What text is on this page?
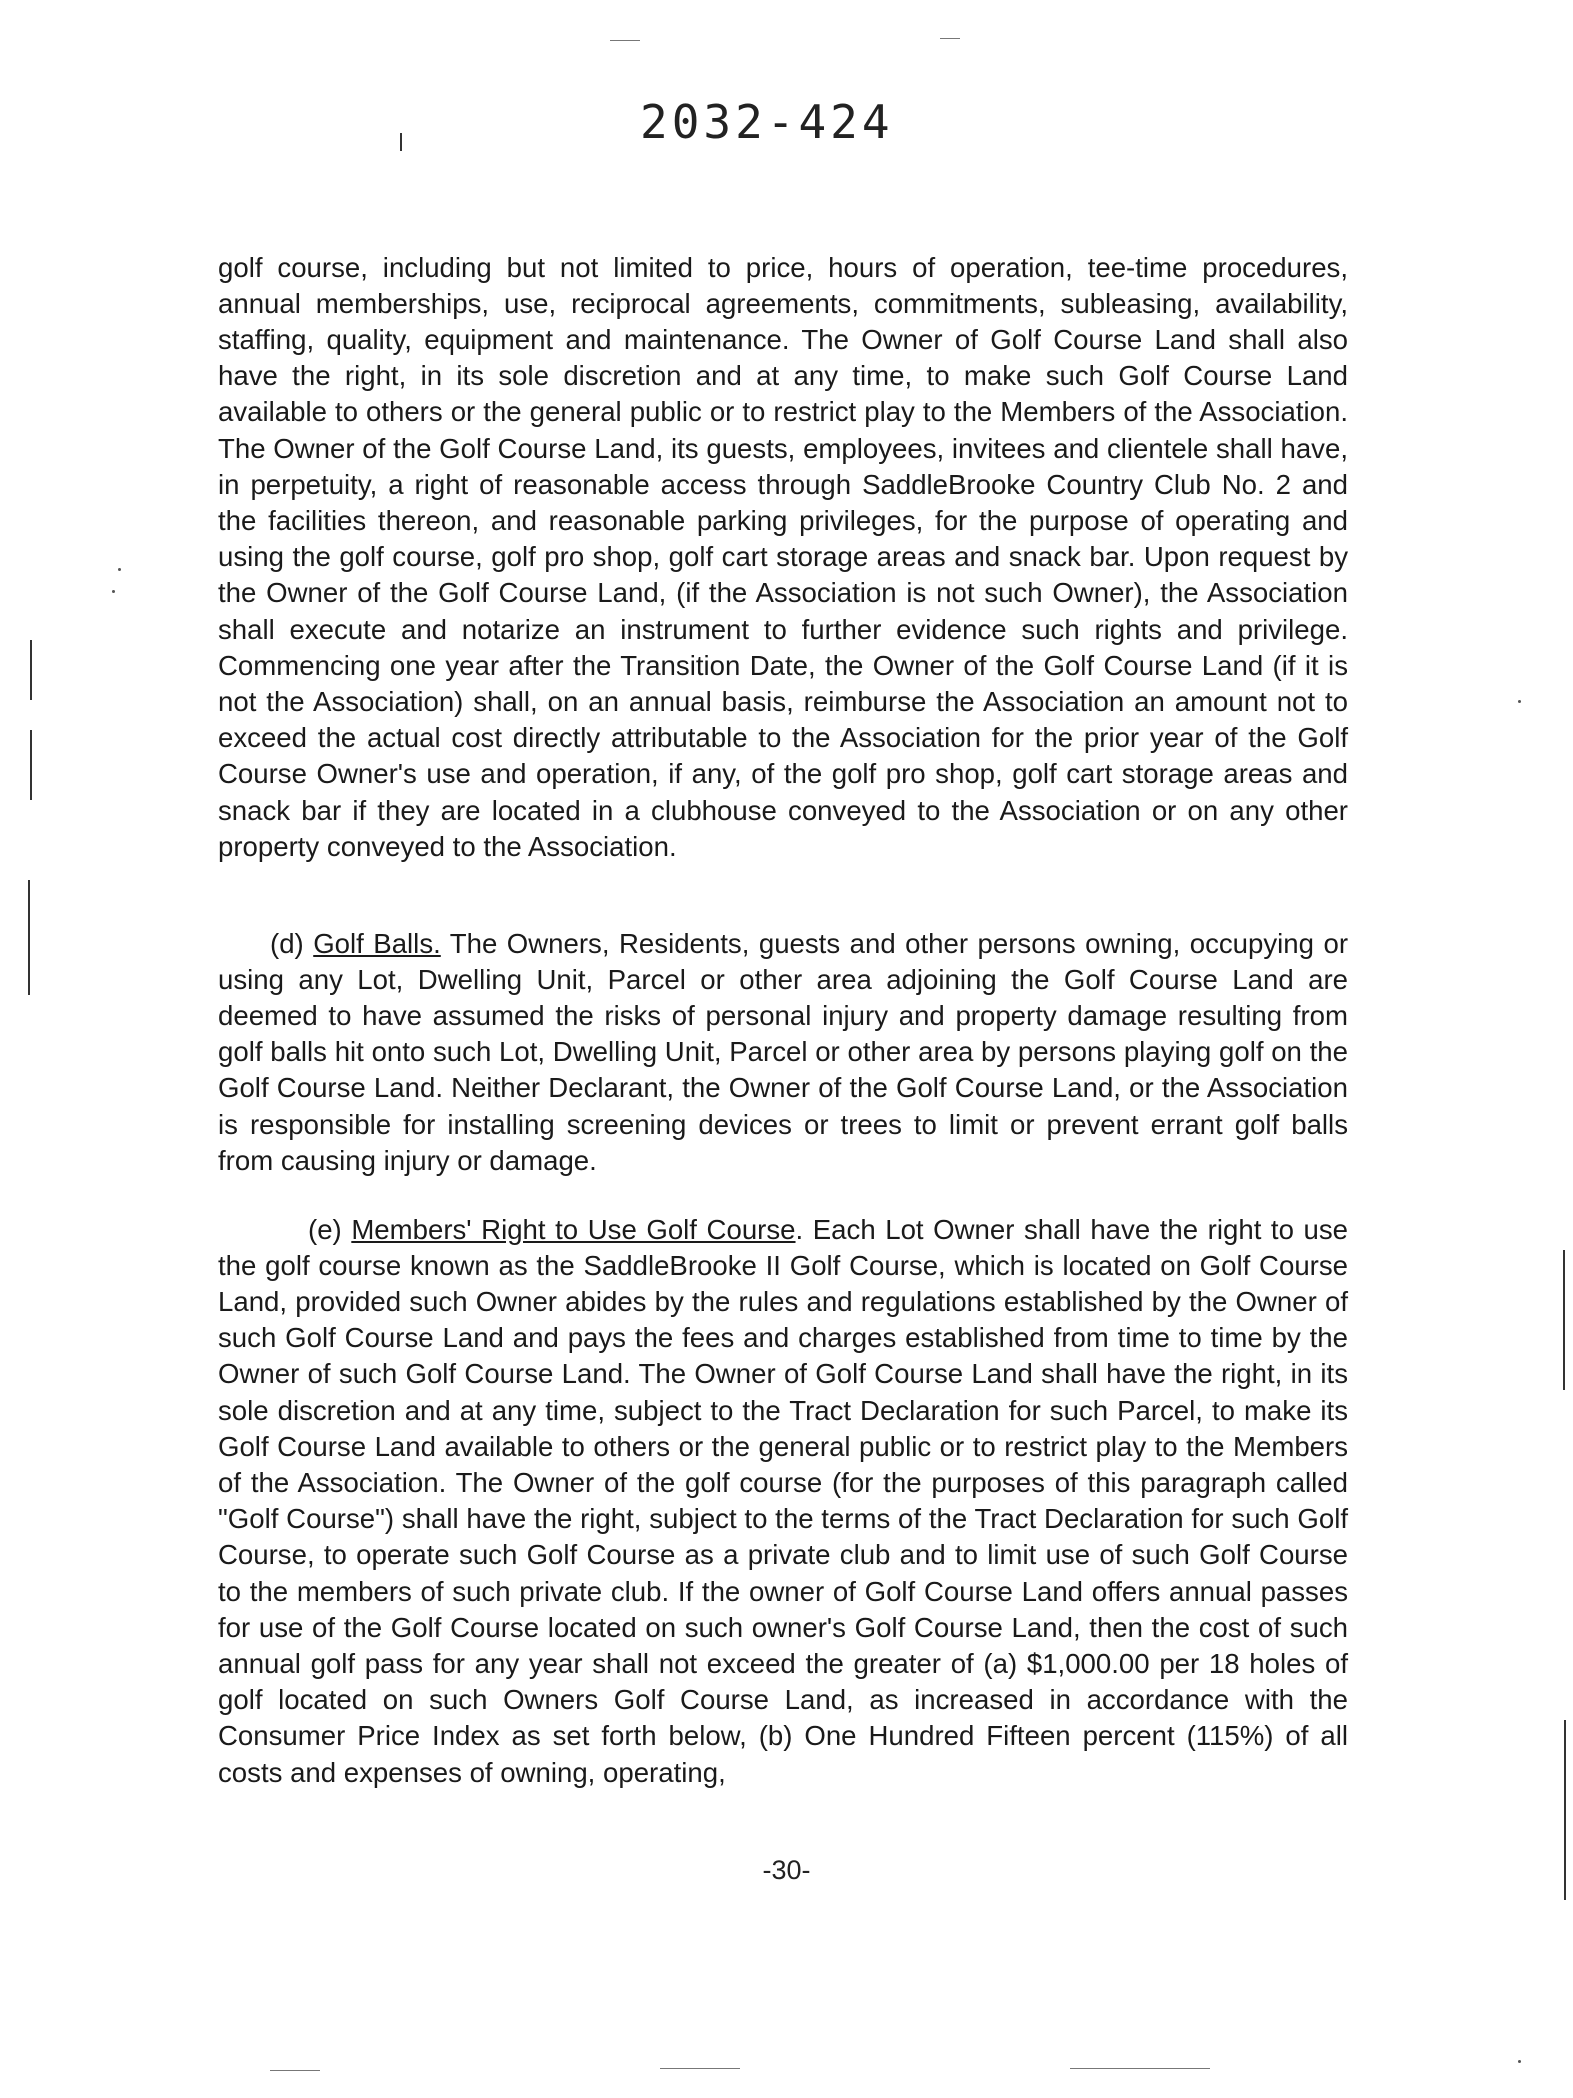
2032-424

golf course, including but not limited to price, hours of operation, tee-time procedures, annual memberships, use, reciprocal agreements, commitments, subleasing, availability, staffing, quality, equipment and maintenance. The Owner of Golf Course Land shall also have the right, in its sole discretion and at any time, to make such Golf Course Land available to others or the general public or to restrict play to the Members of the Association. The Owner of the Golf Course Land, its guests, employees, invitees and clientele shall have, in perpetuity, a right of reasonable access through SaddleBrooke Country Club No. 2 and the facilities thereon, and reasonable parking privileges, for the purpose of operating and using the golf course, golf pro shop, golf cart storage areas and snack bar. Upon request by the Owner of the Golf Course Land, (if the Association is not such Owner), the Association shall execute and notarize an instrument to further evidence such rights and privilege. Commencing one year after the Transition Date, the Owner of the Golf Course Land (if it is not the Association) shall, on an annual basis, reimburse the Association an amount not to exceed the actual cost directly attributable to the Association for the prior year of the Golf Course Owner's use and operation, if any, of the golf pro shop, golf cart storage areas and snack bar if they are located in a clubhouse conveyed to the Association or on any other property conveyed to the Association.

(d) Golf Balls. The Owners, Residents, guests and other persons owning, occupying or using any Lot, Dwelling Unit, Parcel or other area adjoining the Golf Course Land are deemed to have assumed the risks of personal injury and property damage resulting from golf balls hit onto such Lot, Dwelling Unit, Parcel or other area by persons playing golf on the Golf Course Land. Neither Declarant, the Owner of the Golf Course Land, or the Association is responsible for installing screening devices or trees to limit or prevent errant golf balls from causing injury or damage.

(e) Members' Right to Use Golf Course. Each Lot Owner shall have the right to use the golf course known as the SaddleBrooke II Golf Course, which is located on Golf Course Land, provided such Owner abides by the rules and regulations established by the Owner of such Golf Course Land and pays the fees and charges established from time to time by the Owner of such Golf Course Land. The Owner of Golf Course Land shall have the right, in its sole discretion and at any time, subject to the Tract Declaration for such Parcel, to make its Golf Course Land available to others or the general public or to restrict play to the Members of the Association. The Owner of the golf course (for the purposes of this paragraph called "Golf Course") shall have the right, subject to the terms of the Tract Declaration for such Golf Course, to operate such Golf Course as a private club and to limit use of such Golf Course to the members of such private club. If the owner of Golf Course Land offers annual passes for use of the Golf Course located on such owner's Golf Course Land, then the cost of such annual golf pass for any year shall not exceed the greater of (a) $1,000.00 per 18 holes of golf located on such Owners Golf Course Land, as increased in accordance with the Consumer Price Index as set forth below, (b) One Hundred Fifteen percent (115%) of all costs and expenses of owning, operating,

-30-
